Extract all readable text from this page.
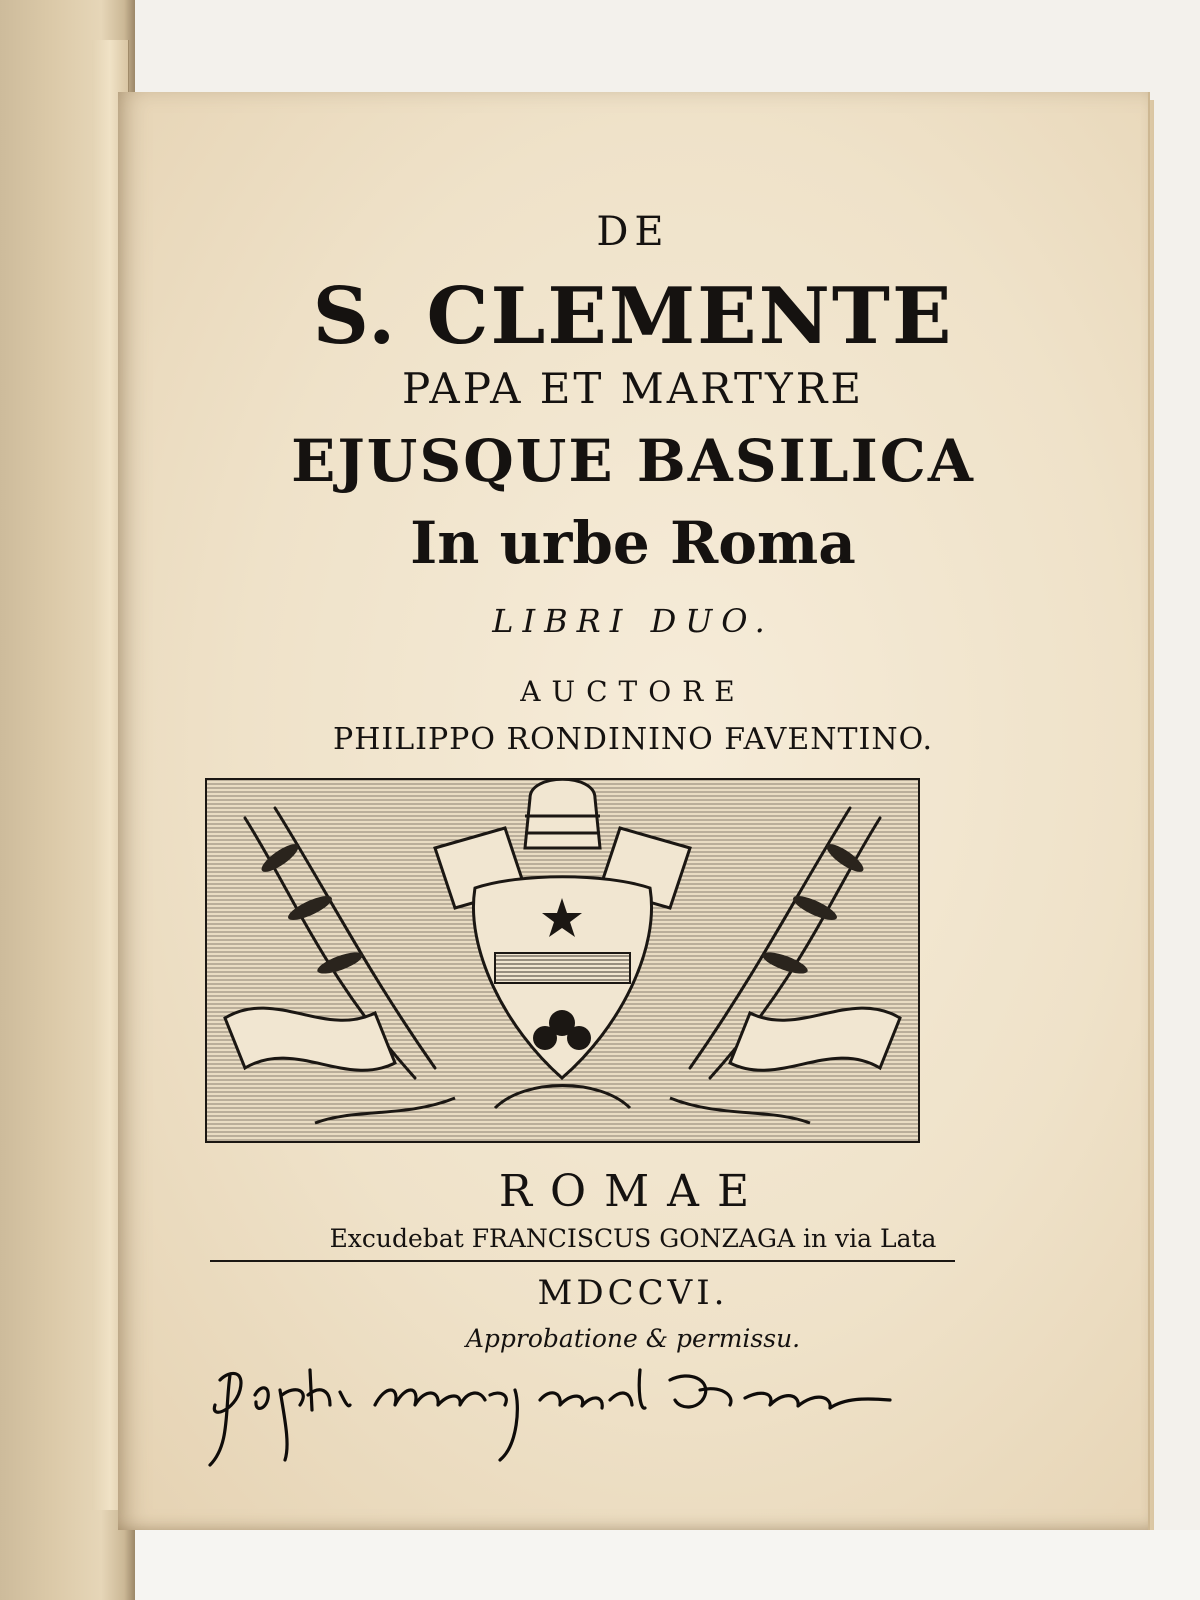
DE
S. CLEMENTE
PAPA ET MARTYRE
EJUSQUE BASILICA
In urbe Roma
LIBRI DUO.
AUCTORE
PHILIPPO RONDININO FAVENTINO.
ROMAE
Excudebat FRANCISCUS GONZAGA in via Lata
MDCCVI.
Approbatione & permissu.
